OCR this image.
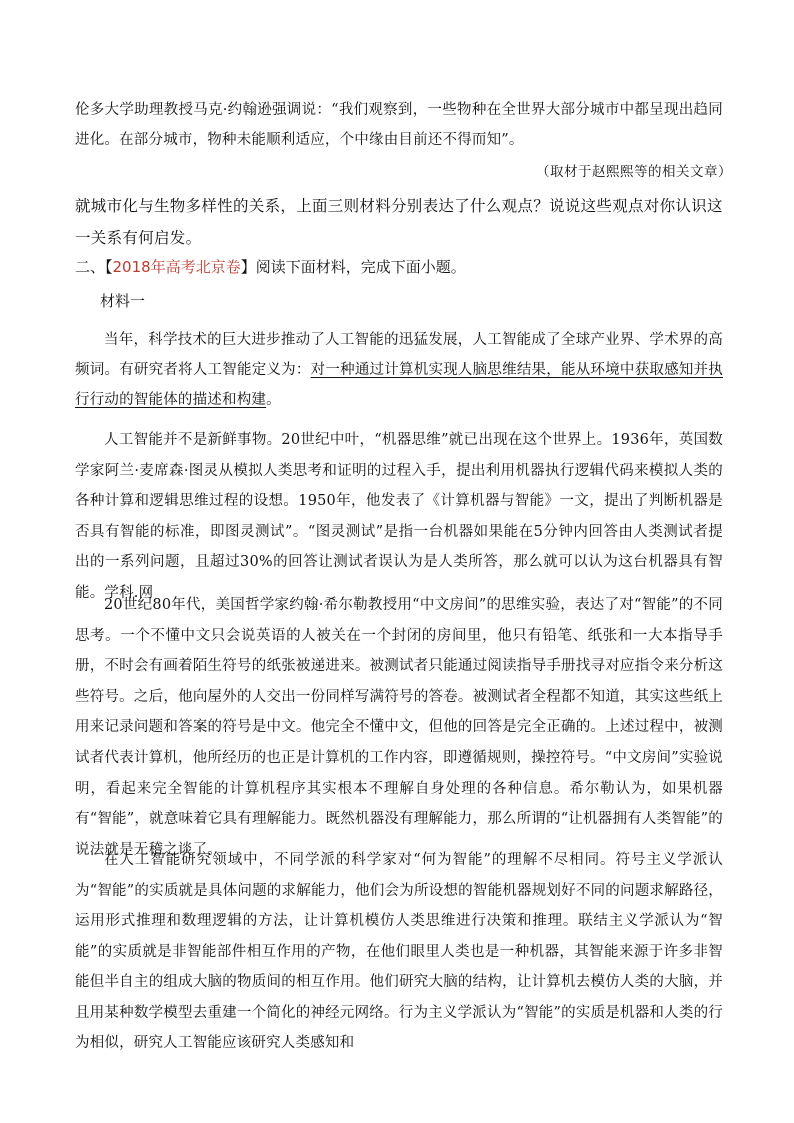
伦多大学助理教授马克·约翰逊强调说：“我们观察到，一些物种在全世界大部分城市中都呈现出趋同进化。在部分城市，物种未能顺利适应，个中缘由目前还不得而知”。

（取材于赵熙熙等的相关文章）

就城市化与生物多样性的关系，上面三则材料分别表达了什么观点？说说这些观点对你认识这一关系有何启发。

二、【2018年高考北京卷】阅读下面材料，完成下面小题。

材料一

当年，科学技术的巨大进步推动了人工智能的迅猛发展，人工智能成了全球产业界、学术界的高频词。有研究者将人工智能定义为：对一种通过计算机实现人脑思维结果，能从环境中获取感知并执行行动的智能体的描述和构建。

人工智能并不是新鲜事物。20世纪中叶，“机器思维”就已出现在这个世界上。1936年，英国数学家阿兰·麦席森·图灵从模拟人类思考和证明的过程入手，提出利用机器执行逻辑代码来模拟人类的各种计算和逻辑思维过程的设想。1950年，他发表了《计算机器与智能》一文，提出了判断机器是否具有智能的标准，即图灵测试”。“图灵测试”是指一台机器如果能在5分钟内回答由人类测试者提出的一系列问题，且超过30%的回答让测试者误认为是人类所答，那么就可以认为这台机器具有智能。学科.网

20世纪80年代，美国哲学家约翰·希尔勒教授用“中文房间”的思维实验，表达了对“智能”的不同思考。一个不懂中文只会说英语的人被关在一个封闭的房间里，他只有铅笔、纸张和一大本指导手册，不时会有画着陌生符号的纸张被递进来。被测试者只能通过阅读指导手册找寻对应指令来分析这些符号。之后，他向屋外的人交出一份同样写满符号的答卷。被测试者全程都不知道，其实这些纸上用来记录问题和答案的符号是中文。他完全不懂中文，但他的回答是完全正确的。上述过程中，被测试者代表计算机，他所经历的也正是计算机的工作内容，即遵循规则，操控符号。“中文房间”实验说明，看起来完全智能的计算机程序其实根本不理解自身处理的各种信息。希尔勒认为，如果机器有“智能”，就意味着它具有理解能力。既然机器没有理解能力，那么所谓的“让机器拥有人类智能”的说法就是无稽之谈了。

在人工智能研究领域中，不同学派的科学家对“何为智能”的理解不尽相同。符号主义学派认为“智能”的实质就是具体问题的求解能力，他们会为所设想的智能机器规划好不同的问题求解路径，运用形式推理和数理逻辑的方法，让计算机模仿人类思维进行决策和推理。联结主义学派认为“智能”的实质就是非智能部件相互作用的产物，在他们眼里人类也是一种机器，其智能来源于许多非智能但半自主的组成大脑的物质间的相互作用。他们研究大脑的结构，让计算机去模仿人类的大脑，并且用某种数学模型去重建一个简化的神经元网络。行为主义学派认为“智能”的实质是机器和人类的行为相似，研究人工智能应该研究人类感知和
